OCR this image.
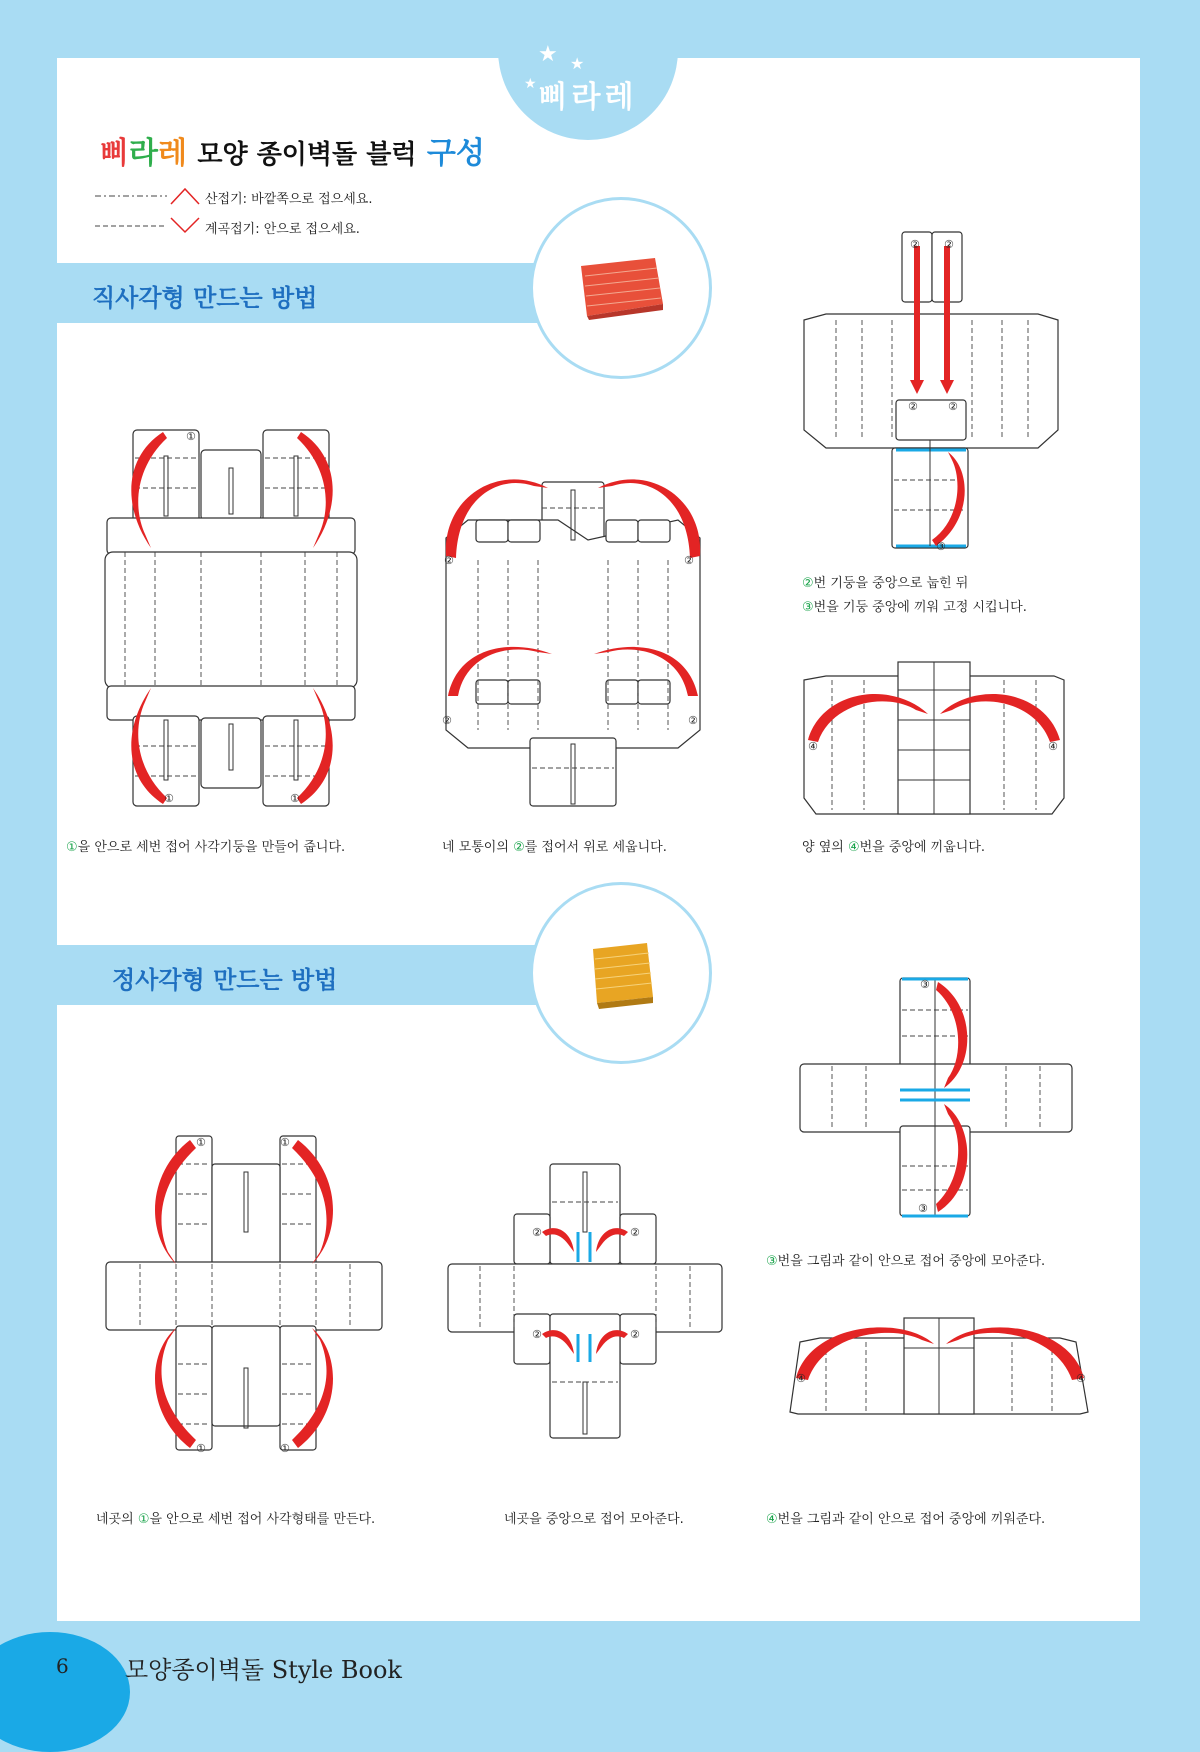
★ ★
★ 삐라레
삐라레 모양 종이벽돌 블럭 구성
산접기: 바깥쪽으로 접으세요.
계곡접기: 안으로 접으세요.
직사각형 만드는 방법
①
①	①
②	②
②	②
② ②
②	②
③
②번 기둥을 중앙으로 눕힌 뒤
③번을 기둥 중앙에 끼워 고정 시킵니다.
④	④
①을 안으로 세번 접어 사각기둥을 만들어 줍니다.	네 모통이의 ②를 접어서 위로 세웁니다.	양 옆의 ④번을 중앙에 끼웁니다.
정사각형 만드는 방법
①	①
①	①
②	②
②	②
③
③
③번을 그림과 같이 안으로 접어 중앙에 모아준다.
④	④
네곳의 ①을 안으로 세번 접어 사각형태를 만든다.	네곳을 중앙으로 접어 모아준다.	④번을 그림과 같이 안으로 접어 중앙에 끼워준다.
6 모양종이벽돌 Style Book
